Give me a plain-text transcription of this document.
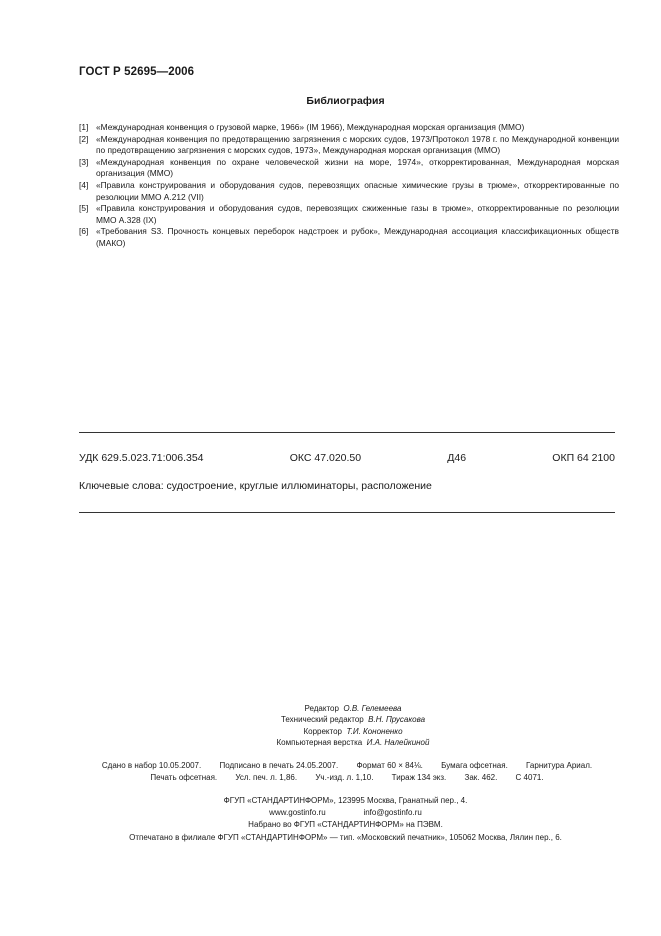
ГОСТ Р 52695—2006
Библиография
[1] «Международная конвенция о грузовой марке, 1966» (IM 1966), Международная морская организация (ММО)
[2] «Международная конвенция по предотвращению загрязнения с морских судов, 1973/Протокол 1978 г. по Международной конвенции по предотвращению загрязнения с морских судов, 1973», Международная морская организация (ММО)
[3] «Международная конвенция по охране человеческой жизни на море, 1974», откорректированная, Международная морская организация (ММО)
[4] «Правила конструирования и оборудования судов, перевозящих опасные химические грузы в трюме», откорректированные по резолюции ММО А.212 (VII)
[5] «Правила конструирования и оборудования судов, перевозящих сжиженные газы в трюме», откорректированные по резолюции ММО А.328 (IX)
[6] «Требования S3. Прочность концевых переборок надстроек и рубок», Международная ассоциация классификационных обществ (МАКО)
УДК 629.5.023.71:006.354	ОКС 47.020.50	Д46	ОКП 64 2100
Ключевые слова: судостроение, круглые иллюминаторы, расположение
Редактор О.В. Гелемеева
Технический редактор В.Н. Прусакова
Корректор Т.И. Кононенко
Компьютерная верстка И.А. Налейкиной
Сдано в набор 10.05.2007. Подписано в печать 24.05.2007. Формат 60 × 84⅛. Бумага офсетная. Гарнитура Ариал.
Печать офсетная. Усл. печ. л. 1,86. Уч.-изд. л. 1,10. Тираж 134 экз. Зак. 462. С 4071.
ФГУП «СТАНДАРТИНФОРМ», 123995 Москва, Гранатный пер., 4.
www.gostinfo.ru	info@gostinfo.ru
Набрано во ФГУП «СТАНДАРТИНФОРМ» на ПЭВМ.
Отпечатано в филиале ФГУП «СТАНДАРТИНФОРМ» — тип. «Московский печатник», 105062 Москва, Лялин пер., 6.
